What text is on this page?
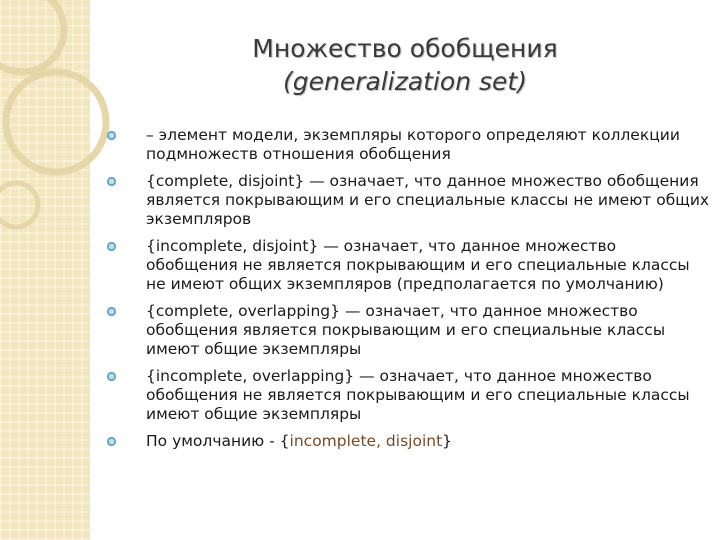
Множество обобщения
(generalization set)
– элемент модели, экземпляры которого определяют коллекции подмножеств отношения обобщения
{complete, disjoint} — означает, что данное множество обобщения является покрывающим и его специальные классы не имеют общих экземпляров
{incomplete, disjoint} — означает, что данное множество обобщения не является покрывающим и его специальные классы не имеют общих экземпляров (предполагается по умолчанию)
{complete, overlapping} — означает, что данное множество обобщения является покрывающим и его специальные классы имеют общие экземпляры
{incomplete, overlapping} — означает, что данное множество обобщения не является покрывающим и его специальные классы имеют общие экземпляры
По умолчанию - {incomplete, disjoint}
